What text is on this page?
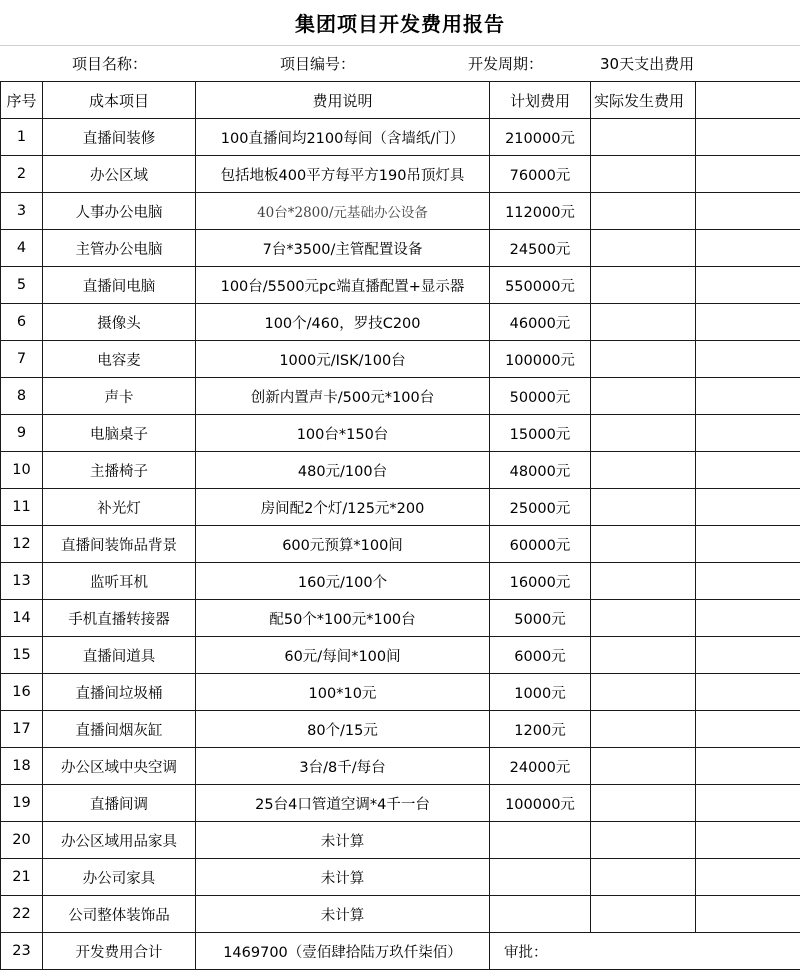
集团项目开发费用报告
项目名称：	项目编号：	开发周期：	30天支出费用
序号	成本项目	费用说明	计划费用	实际发生费用	
1	直播间装修	100直播间均2100每间（含墙纸/门）	210000元		
2	办公区域	包括地板400平方每平方190吊顶灯具	76000元		
3	人事办公电脑	40台*2800/元基础办公设备	112000元		
4	主管办公电脑	7台*3500/主管配置设备	24500元		
5	直播间电脑	100台/5500元pc端直播配置+显示器	550000元		
6	摄像头	100个/460，罗技C200	46000元		
7	电容麦	1000元/ISK/100台	100000元		
8	声卡	创新内置声卡/500元*100台	50000元		
9	电脑桌子	100台*150台	15000元		
10	主播椅子	480元/100台	48000元		
11	补光灯	房间配2个灯/125元*200	25000元		
12	直播间装饰品背景	600元预算*100间	60000元		
13	监听耳机	160元/100个	16000元		
14	手机直播转接器	配50个*100元*100台	5000元		
15	直播间道具	60元/每间*100间	6000元		
16	直播间垃圾桶	100*10元	1000元		
17	直播间烟灰缸	80个/15元	1200元		
18	办公区域中央空调	3台/8千/每台	24000元		
19	直播间调	25台4口管道空调*4千一台	100000元		
20	办公区域用品家具	未计算			
21	办公司家具	未计算			
22	公司整体装饰品	未计算			
23	开发费用合计	1469700（壹佰肆拾陆万玖仟柒佰）	审批：		
